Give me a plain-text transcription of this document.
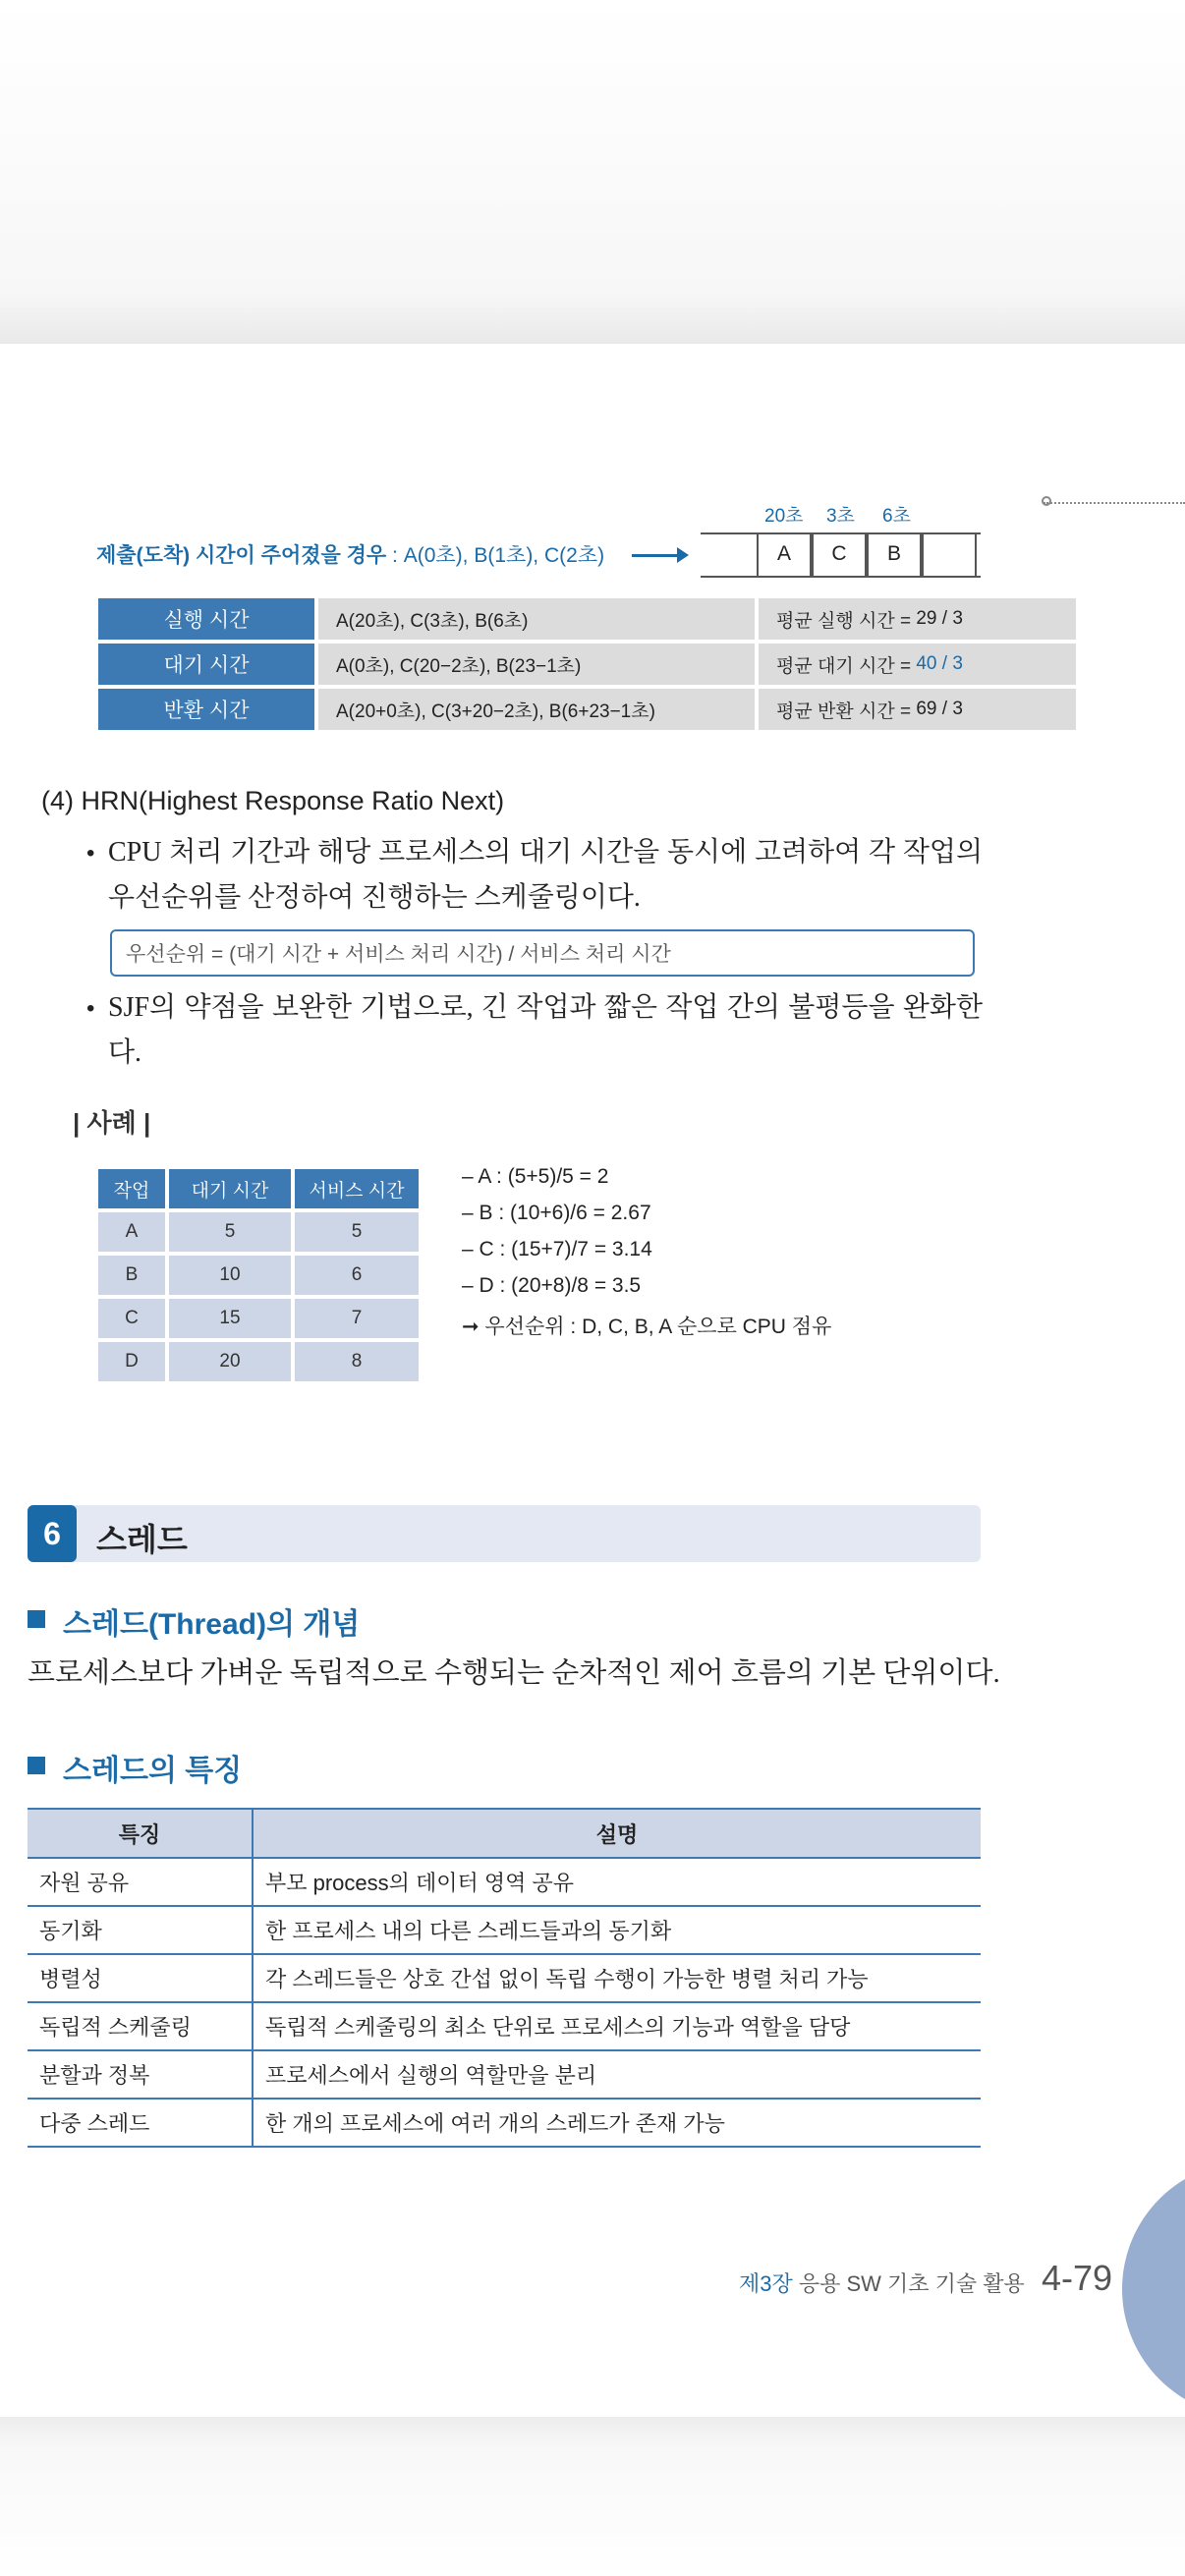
20초 3초 6초
A	C	B
제출(도착) 시간이 주어졌을 경우 : A(0초), B(1초), C(2초)
실행 시간	A(20초), C(3초), B(6초)	평균 실행 시간 = 29 / 3
대기 시간	A(0초), C(20−2초), B(23−1초)	평균 대기 시간 = 40 / 3
반환 시간	A(20+0초), C(3+20−2초), B(6+23−1초)	평균 반환 시간 = 69 / 3
(4) HRN(Highest Response Ratio Next)
• CPU 처리 기간과 해당 프로세스의 대기 시간을 동시에 고려하여 각 작업의 우선순위를 산정하여 진행하는 스케줄링이다.
우선순위 = (대기 시간 + 서비스 처리 시간) / 서비스 처리 시간
• SJF의 약점을 보완한 기법으로, 긴 작업과 짧은 작업 간의 불평등을 완화한다.
| 사례 |
작업	대기 시간	서비스 시간
A	5	5
B	10	6
C	15	7
D	20	8
– A : (5+5)/5 = 2
– B : (10+6)/6 = 2.67
– C : (15+7)/7 = 3.14
– D : (20+8)/8 = 3.5
➞ 우선순위 : D, C, B, A 순으로 CPU 점유
6	스레드
스레드(Thread)의 개념
프로세스보다 가벼운 독립적으로 수행되는 순차적인 제어 흐름의 기본 단위이다.
스레드의 특징
특징	설명
자원 공유	부모 process의 데이터 영역 공유
동기화	한 프로세스 내의 다른 스레드들과의 동기화
병렬성	각 스레드들은 상호 간섭 없이 독립 수행이 가능한 병렬 처리 가능
독립적 스케줄링	독립적 스케줄링의 최소 단위로 프로세스의 기능과 역할을 담당
분할과 정복	프로세스에서 실행의 역할만을 분리
다중 스레드	한 개의 프로세스에 여러 개의 스레드가 존재 가능
제3장 응용 SW 기초 기술 활용 4-79
